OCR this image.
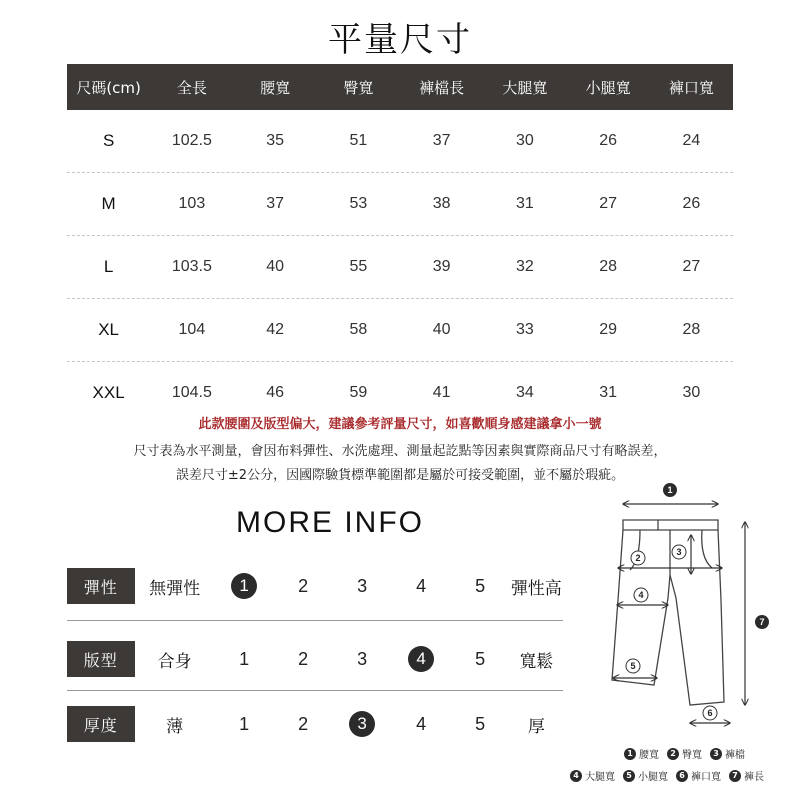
平量尺寸
尺碼(cm)	全長	腰寬	臀寬	褲檔長	大腿寬	小腿寬	褲口寬
S	102.5	35	51	37	30	26	24
M	103	37	53	38	31	27	26
L	103.5	40	55	39	32	28	27
XL	104	42	58	40	33	29	28
XXL	104.5	46	59	41	34	31	30
此款腰圍及版型偏大，建議參考評量尺寸，如喜歡順身感建議拿小一號
尺寸表為水平測量，會因布料彈性、水洗處理、測量起訖點等因素與實際商品尺寸有略誤差，
誤差尺寸±2公分，因國際驗貨標準範圍都是屬於可接受範圍，並不屬於瑕疵。
MORE INFO
彈性	無彈性	1	2	3	4	5	彈性高
版型	合身	1	2	3	4	5	寬鬆
厚度	薄	1	2	3	4	5	厚
1
2
3
4
5
6
7
1 腰寬	2 臀寬	3 褲檔
4 大腿寬	5 小腿寬	6 褲口寬	7 褲長
